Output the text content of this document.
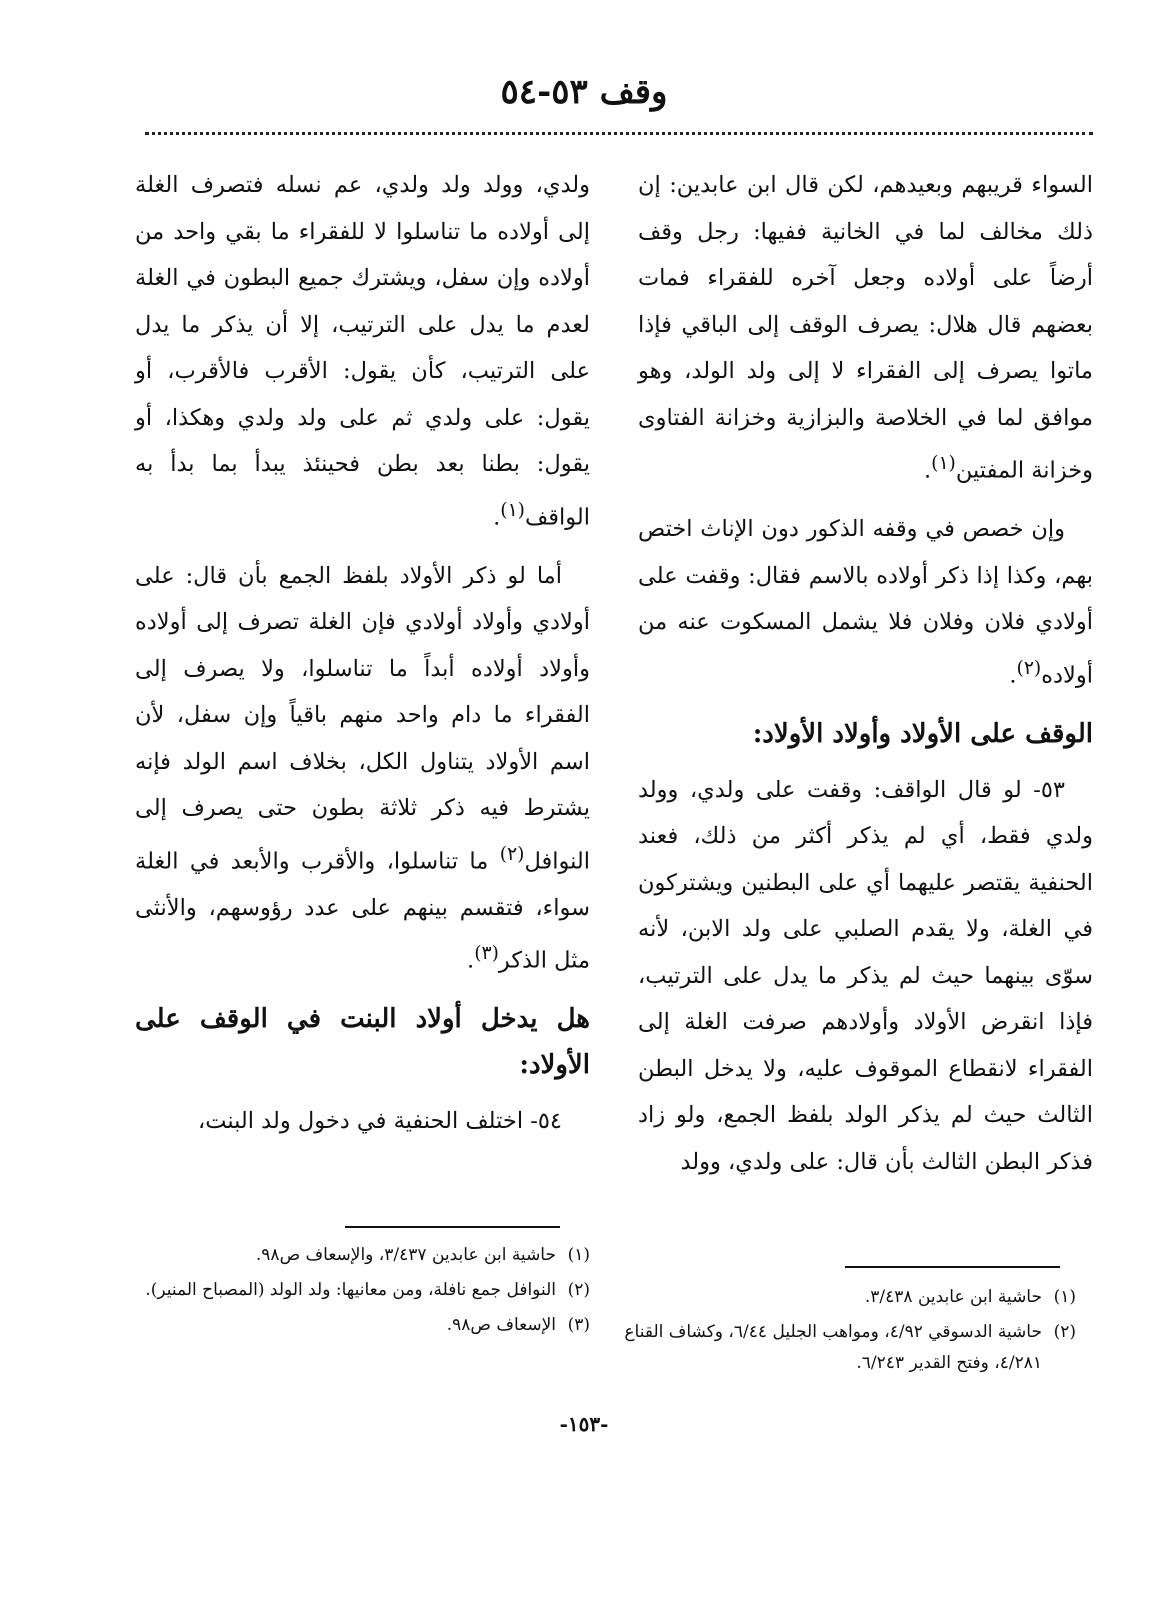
وقف ٥٣-٥٤

السواء قريبهم وبعيدهم، لكن قال ابن عابدين: إن ذلك مخالف لما في الخانية ففيها: رجل وقف أرضاً على أولاده وجعل آخره للفقراء فمات بعضهم قال هلال: يصرف الوقف إلى الباقي فإذا ماتوا يصرف إلى الفقراء لا إلى ولد الولد، وهو موافق لما في الخلاصة والبزازية وخزانة الفتاوى وخزانة المفتين$^{(١)}$.

وإن خصص في وقفه الذكور دون الإناث اختص بهم، وكذا إذا ذكر أولاده بالاسم فقال: وقفت على أولادي فلان وفلان فلا يشمل المسكوت عنه من أولاده$^{(٢)}$.

الوقف على الأولاد وأولاد الأولاد:

٥٣- لو قال الواقف: وقفت على ولدي، وولد ولدي فقط، أي لم يذكر أكثر من ذلك، فعند الحنفية يقتصر عليهما أي على البطنين ويشتركون في الغلة، ولا يقدم الصلبي على ولد الابن، لأنه سوّى بينهما حيث لم يذكر ما يدل على الترتيب، فإذا انقرض الأولاد وأولادهم صرفت الغلة إلى الفقراء لانقطاع الموقوف عليه، ولا يدخل البطن الثالث حيث لم يذكر الولد بلفظ الجمع، ولو زاد فذكر البطن الثالث بأن قال: على ولدي، وولد

ولدي، وولد ولد ولدي، عم نسله فتصرف الغلة إلى أولاده ما تناسلوا لا للفقراء ما بقي واحد من أولاده وإن سفل، ويشترك جميع البطون في الغلة لعدم ما يدل على الترتيب، إلا أن يذكر ما يدل على الترتيب، كأن يقول: الأقرب فالأقرب، أو يقول: على ولدي ثم على ولد ولدي وهكذا، أو يقول: بطنا بعد بطن فحينئذ يبدأ بما بدأ به الواقف$^{(١)}$.

أما لو ذكر الأولاد بلفظ الجمع بأن قال: على أولادي وأولاد أولادي فإن الغلة تصرف إلى أولاده وأولاد أولاده أبداً ما تناسلوا، ولا يصرف إلى الفقراء ما دام واحد منهم باقياً وإن سفل، لأن اسم الأولاد يتناول الكل، بخلاف اسم الولد فإنه يشترط فيه ذكر ثلاثة بطون حتى يصرف إلى النوافل$^{(٢)}$ ما تناسلوا، والأقرب والأبعد في الغلة سواء، فتقسم بينهم على عدد رؤوسهم، والأنثى مثل الذكر$^{(٣)}$.

هل يدخل أولاد البنت في الوقف على الأولاد:

٥٤- اختلف الحنفية في دخول ولد البنت،

(١)حاشية ابن عابدين ٣/٤٣٨.
(٢)حاشية الدسوقي ٤/٩٢، ومواهب الجليل ٦/٤٤، وكشاف القناع ٤/٢٨١، وفتح القدير ٦/٢٤٣.
(١)حاشية ابن عابدين ٣/٤٣٧، والإسعاف ص٩٨.
(٢)النوافل جمع نافلة، ومن معانيها: ولد الولد (المصباح المنير).
(٣)الإسعاف ص٩٨.
-١٥٣-
